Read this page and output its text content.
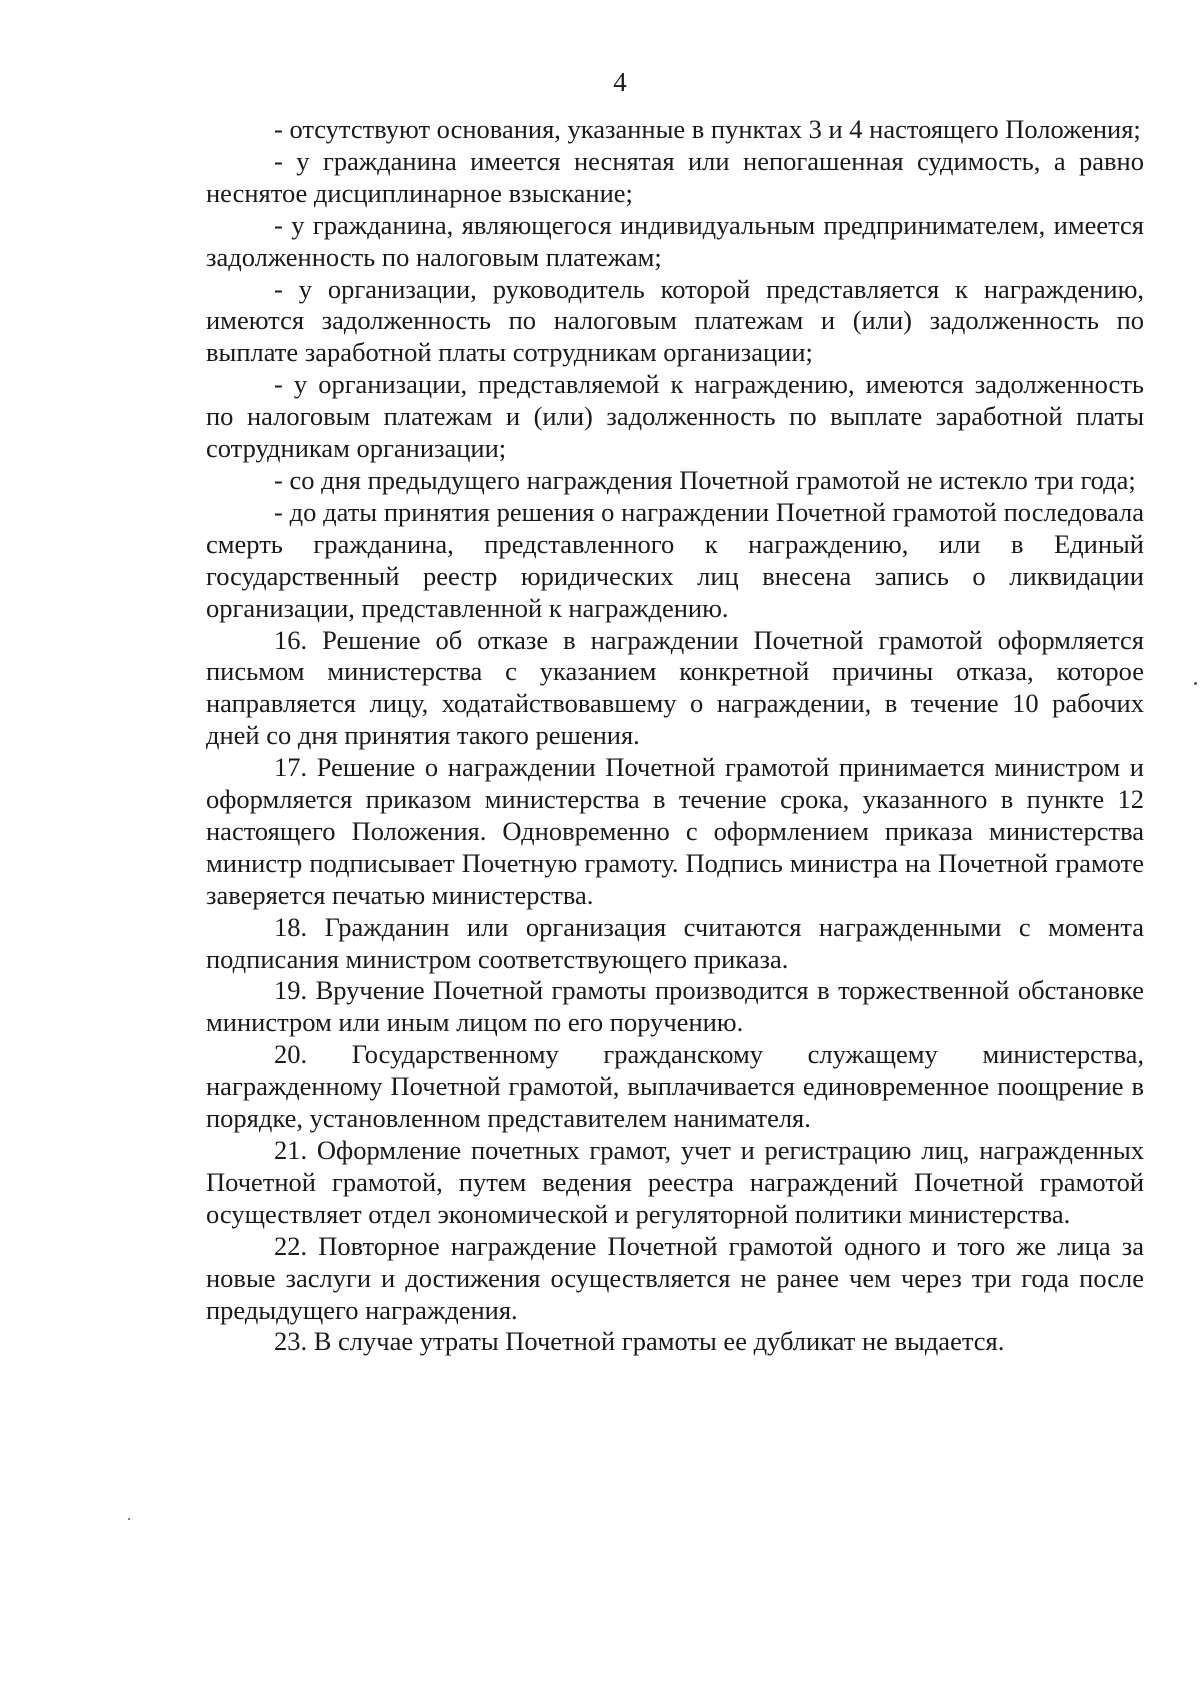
4

- отсутствуют основания, указанные в пунктах 3 и 4 настоящего Положения;

- у гражданина имеется неснятая или непогашенная судимость, а равно неснятое дисциплинарное взыскание;

- у гражданина, являющегося индивидуальным предпринимателем, имеется задолженность по налоговым платежам;

- у организации, руководитель которой представляется к награждению, имеются задолженность по налоговым платежам и (или) задолженность по выплате заработной платы сотрудникам организации;

- у организации, представляемой к награждению, имеются задолженность по налоговым платежам и (или) задолженность по выплате заработной платы сотрудникам организации;

- со дня предыдущего награждения Почетной грамотой не истекло три года;

- до даты принятия решения о награждении Почетной грамотой последовала смерть гражданина, представленного к награждению, или в Единый государственный реестр юридических лиц внесена запись о ликвидации организации, представленной к награждению.

16. Решение об отказе в награждении Почетной грамотой оформляется письмом министерства с указанием конкретной причины отказа, которое направляется лицу, ходатайствовавшему о награждении, в течение 10 рабочих дней со дня принятия такого решения.

17. Решение о награждении Почетной грамотой принимается министром и оформляется приказом министерства в течение срока, указанного в пункте 12 настоящего Положения. Одновременно с оформлением приказа министерства министр подписывает Почетную грамоту. Подпись министра на Почетной грамоте заверяется печатью министерства.

18. Гражданин или организация считаются награжденными с момента подписания министром соответствующего приказа.

19. Вручение Почетной грамоты производится в торжественной обстановке министром или иным лицом по его поручению.

20. Государственному гражданскому служащему министерства, награжденному Почетной грамотой, выплачивается единовременное поощрение в порядке, установленном представителем нанимателя.

21. Оформление почетных грамот, учет и регистрацию лиц, награжденных Почетной грамотой, путем ведения реестра награждений Почетной грамотой осуществляет отдел экономической и регуляторной политики министерства.

22. Повторное награждение Почетной грамотой одного и того же лица за новые заслуги и достижения осуществляется не ранее чем через три года после предыдущего награждения.

23. В случае утраты Почетной грамоты ее дубликат не выдается.
